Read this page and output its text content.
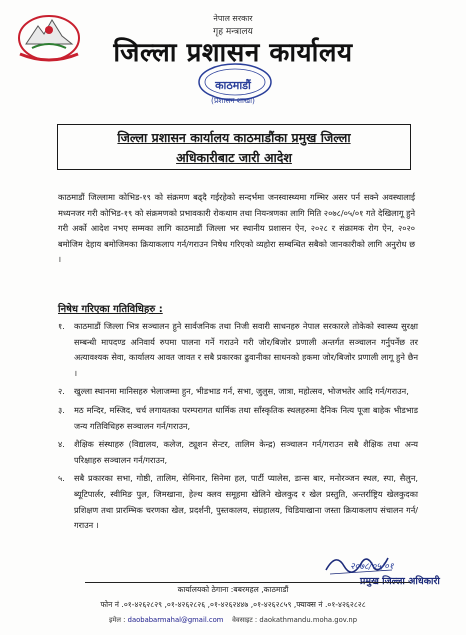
नेपाल सरकार
गृह मन्त्रालय
जिल्ला प्रशासन कार्यालय
काठमाडौं
(प्रशासन शाखा)
जिल्ला प्रशासन कार्यालय काठमाडौंका प्रमुख जिल्ला
अधिकारीबाट जारी आदेश
काठमाडौं जिल्लामा कोभिड-१९ को संक्रमण बढ्दै गईरहेको सन्दर्भमा जनस्वास्थ्यमा गम्भिर असर पर्न सक्ने अवस्थालाई मध्यनजर गरी कोभिड-१९ को संक्रमणको प्रभावकारी रोकथाम तथा नियन्त्रणका लागि मिति २०७८/०५/०१ गते देखिलागू हुने गरी अर्को आदेश नभए सम्मका लागि काठमाडौं जिल्ला भर स्थानीय प्रशासन ऐन, २०२८ र संक्रामक रोग ऐन, २०२० बमोजिम देहाय बमोजिमका क्रियाकलाप गर्न/गराउन निषेध गरिएको व्यहोरा सम्बन्धित सबैको जानकारीको लागि अनुरोध छ ।
निषेध गरिएका गतिविधिहरु :
१.	काठमाडौं जिल्ला भित्र सञ्चालन हुने सार्वजनिक तथा निजी सवारी साधनहरु नेपाल सरकारले तोकेको स्वास्थ्य सुरक्षा सम्बन्धी मापदण्ड अनिवार्य रुपमा पालना गर्ने गराउने गरी जोर/बिजोर प्रणाली अन्तर्गत सञ्चालन गर्नुपर्नेछ तर अत्यावश्यक सेवा, कार्यालय आवत जावत र सबै प्रकारका ढुवानीका साधनको हकमा जोर/बिजोर प्रणाली लागू हुने छैन ।
२.	खुल्ला स्थानमा मानिसहरु भेलाजम्मा हुन, भीडभाड गर्न, सभा, जुलुस, जात्रा, महोत्सव, भोजभतेर आदि गर्न/गराउन,
३.	मठ मन्दिर, मस्जिद, चर्च लगायतका परम्परागत धार्मिक तथा साँस्कृतिक स्थलहरुमा दैनिक नित्य पूजा बाहेक भीडभाड जन्य गतिविधिहरु सञ्चालन गर्न/गराउन,
४.	शैक्षिक संस्थाहरु (विद्यालय, कलेज, ट्यूशन सेन्टर, तालिम केन्द्र) सञ्चालन गर्न/गराउन सबै शैक्षिक तथा अन्य परिक्षाहरु सञ्चालन गर्न/गराउन,
५.	सबै प्रकारका सभा, गोष्ठी, तालिम, सेमिनार, सिनेमा हल, पार्टी प्यालेस, डान्स बार, मनोरञ्जन स्थल, स्पा, सैलुन, ब्यूटिपार्लर, स्वीमिङ पुल, जिमखाना, हेल्थ क्लव समूहमा खेलिने खेलकुद र खेल प्रस्तुति, अन्तर्राष्ट्रिय खेलकुदका प्रशिक्षण तथा प्रारम्भिक चरणका खेल, प्रदर्शनी, पुस्तकालय, संग्रहालय, चिडियाखाना जस्ता क्रियाकलाप संचालन गर्न/गराउन ।
२०७८/०५/०१
प्रमुख जिल्ला अधिकारी
कार्यालयको ठेगाना :बबरमहल ,काठमाडौं
फोन नं .०१-४२६२८२९ ,०१-४२६२८२६ ,०१-४२६२४४७ ,०१-४२६२८५९ ,फ्याक्स नं .०१-४२६२८२८
इमेल : daobabarmahal@gmail.com वेवसाइट : daokathmandu.moha.gov.np
